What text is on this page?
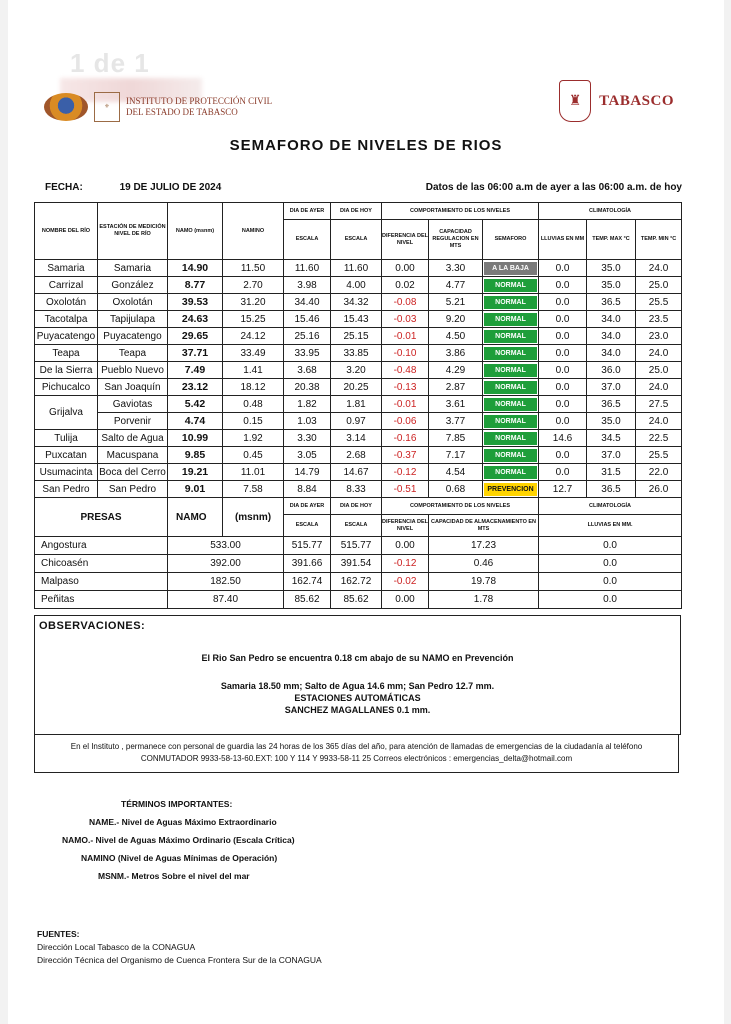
1 de 1
⚜
INSTITUTO DE PROTECCIÓN CIVIL
DEL ESTADO DE TABASCO
♜	TABASCO
SEMAFORO DE NIVELES DE RIOS
FECHA:	19 DE JULIO DE 2024	Datos de las 06:00 a.m de ayer a las 06:00 a.m. de hoy
NOMBRE DEL RÍO	ESTACIÓN DE MEDICIÓN NIVEL DE RÍO	NAMO (msnm)	NAMINO	DIA DE AYER	DIA DE HOY	COMPORTAMIENTO DE LOS NIVELES			CLIMATOLOGÍA		
				ESCALA	ESCALA	DIFERENCIA DEL NIVEL	CAPACIDAD REGULACION EN MTS	SEMAFORO	LLUVIAS EN MM	TEMP. MAX °C	TEMP. MIN °C
Samaria	Samaria	14.90	11.50	11.60	11.60	0.00	3.30	A LA BAJA	0.0	35.0	24.0
Carrizal	González	8.77	2.70	3.98	4.00	0.02	4.77	NORMAL	0.0	35.0	25.0
Oxolotán	Oxolotán	39.53	31.20	34.40	34.32	-0.08	5.21	NORMAL	0.0	36.5	25.5
Tacotalpa	Tapijulapa	24.63	15.25	15.46	15.43	-0.03	9.20	NORMAL	0.0	34.0	23.5
Puyacatengo	Puyacatengo	29.65	24.12	25.16	25.15	-0.01	4.50	NORMAL	0.0	34.0	23.0
Teapa	Teapa	37.71	33.49	33.95	33.85	-0.10	3.86	NORMAL	0.0	34.0	24.0
De la Sierra	Pueblo Nuevo	7.49	1.41	3.68	3.20	-0.48	4.29	NORMAL	0.0	36.0	25.0
Pichucalco	San Joaquín	23.12	18.12	20.38	20.25	-0.13	2.87	NORMAL	0.0	37.0	24.0
Grijalva	Gaviotas	5.42	0.48	1.82	1.81	-0.01	3.61	NORMAL	0.0	36.5	27.5
	Porvenir	4.74	0.15	1.03	0.97	-0.06	3.77	NORMAL	0.0	35.0	24.0
Tulija	Salto de Agua	10.99	1.92	3.30	3.14	-0.16	7.85	NORMAL	14.6	34.5	22.5
Puxcatan	Macuspana	9.85	0.45	3.05	2.68	-0.37	7.17	NORMAL	0.0	37.0	25.5
Usumacinta	Boca del Cerro	19.21	11.01	14.79	14.67	-0.12	4.54	NORMAL	0.0	31.5	22.0
San Pedro	San Pedro	9.01	7.58	8.84	8.33	-0.51	0.68	PREVENCION	12.7	36.5	26.0
PRESAS		NAMO	(msnm)	DIA DE AYER	DIA DE HOY	COMPORTAMIENTO DE LOS NIVELES			CLIMATOLOGÍA		
				ESCALA	ESCALA	DIFERENCIA DEL NIVEL	CAPACIDAD DE ALMACENAMIENTO EN MTS		LLUVIAS EN MM.		
Angostura		533.00		515.77	515.77	0.00	17.23		0.0		
Chicoasén		392.00		391.66	391.54	-0.12	0.46		0.0		
Malpaso		182.50		162.74	162.72	-0.02	19.78		0.0		
Peñitas		87.40		85.62	85.62	0.00	1.78		0.0		
OBSERVACIONES:
El Rio San Pedro se encuentra 0.18 cm abajo de su NAMO en Prevención
Samaria 18.50 mm; Salto de Agua 14.6 mm; San Pedro 12.7 mm.
ESTACIONES AUTOMÁTICAS
SANCHEZ MAGALLANES 0.1 mm.
En el Instituto , permanece con personal de guardia las 24 horas de los 365 días del año, para atención de llamadas de emergencias de la ciudadanía al teléfono
CONMUTADOR 9933-58-13-60.EXT: 100 Y 114 Y 9933-58-11 25 Correos electrónicos : emergencias_delta@hotmail.com
TÉRMINOS IMPORTANTES:
NAME.- Nivel de Aguas Máximo Extraordinario
NAMO.- Nivel de Aguas Máximo Ordinario (Escala Crítica)
NAMINO (Nivel de Aguas Mínimas de Operación)
MSNM.- Metros Sobre el nivel del mar
FUENTES:
Dirección Local Tabasco de la CONAGUA
Dirección Técnica del Organismo de Cuenca Frontera Sur de la CONAGUA
